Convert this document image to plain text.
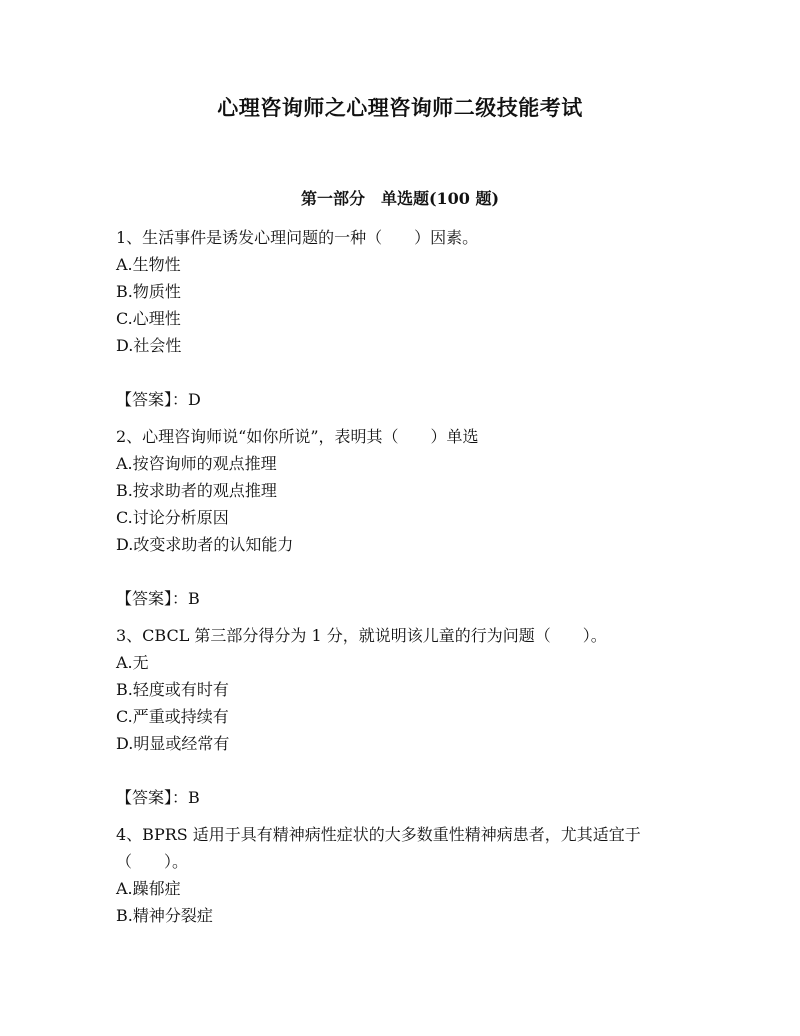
心理咨询师之心理咨询师二级技能考试
第一部分　单选题(100 题)

1、生活事件是诱发心理问题的一种（　　）因素。

A.生物性

B.物质性

C.心理性

D.社会性

【答案】：D

2、心理咨询师说“如你所说”，表明其（　　）单选

A.按咨询师的观点推理

B.按求助者的观点推理

C.讨论分析原因

D.改变求助者的认知能力

【答案】：B

3、CBCL 第三部分得分为 1 分，就说明该儿童的行为问题（　　）。

A.无

B.轻度或有时有

C.严重或持续有

D.明显或经常有

【答案】：B

4、BPRS 适用于具有精神病性症状的大多数重性精神病患者，尤其适宜于（　　）。

A.躁郁症

B.精神分裂症
